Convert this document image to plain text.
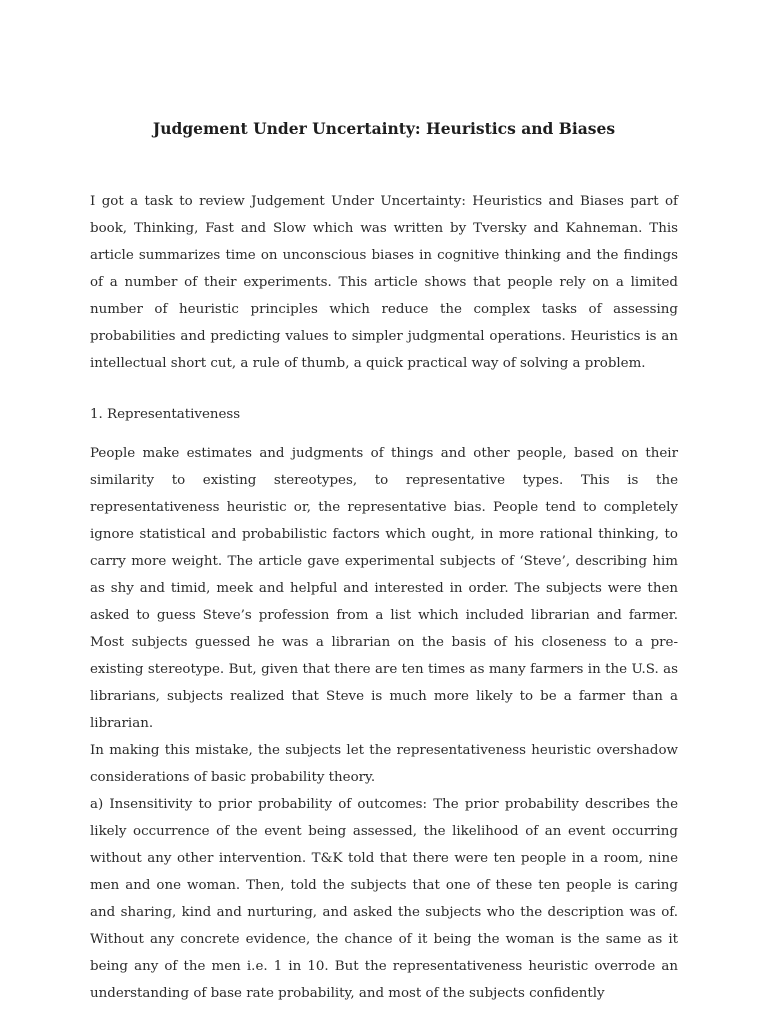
Judgement Under Uncertainty: Heuristics and Biases

I got a task to review Judgement Under Uncertainty: Heuristics and Biases part of book, Thinking, Fast and Slow which was written by Tversky and Kahneman. This article summarizes time on unconscious biases in cognitive thinking and the findings of a number of their experiments. This article shows that people rely on a limited number of heuristic principles which reduce the complex tasks of assessing probabilities and predicting values to simpler judgmental operations. Heuristics is an intellectual short cut, a rule of thumb, a quick practical way of solving a problem.

1. Representativeness

People make estimates and judgments of things and other people, based on their similarity to existing stereotypes, to representative types. This is the representativeness heuristic or, the representative bias. People tend to completely ignore statistical and probabilistic factors which ought, in more rational thinking, to carry more weight. The article gave experimental subjects of ‘Steve’, describing him as shy and timid, meek and helpful and interested in order. The subjects were then asked to guess Steve’s profession from a list which included librarian and farmer. Most subjects guessed he was a librarian on the basis of his closeness to a pre-existing stereotype. But, given that there are ten times as many farmers in the U.S. as librarians, subjects realized that Steve is much more likely to be a farmer than a librarian.

In making this mistake, the subjects let the representativeness heuristic overshadow considerations of basic probability theory.

a) Insensitivity to prior probability of outcomes: The prior probability describes the likely occurrence of the event being assessed, the likelihood of an event occurring without any other intervention. T&K told that there were ten people in a room, nine men and one woman. Then, told the subjects that one of these ten people is caring and sharing, kind and nurturing, and asked the subjects who the description was of. Without any concrete evidence, the chance of it being the woman is the same as it being any of the men i.e. 1 in 10. But the representativeness heuristic overrode an understanding of base rate probability, and most of the subjects confidently
